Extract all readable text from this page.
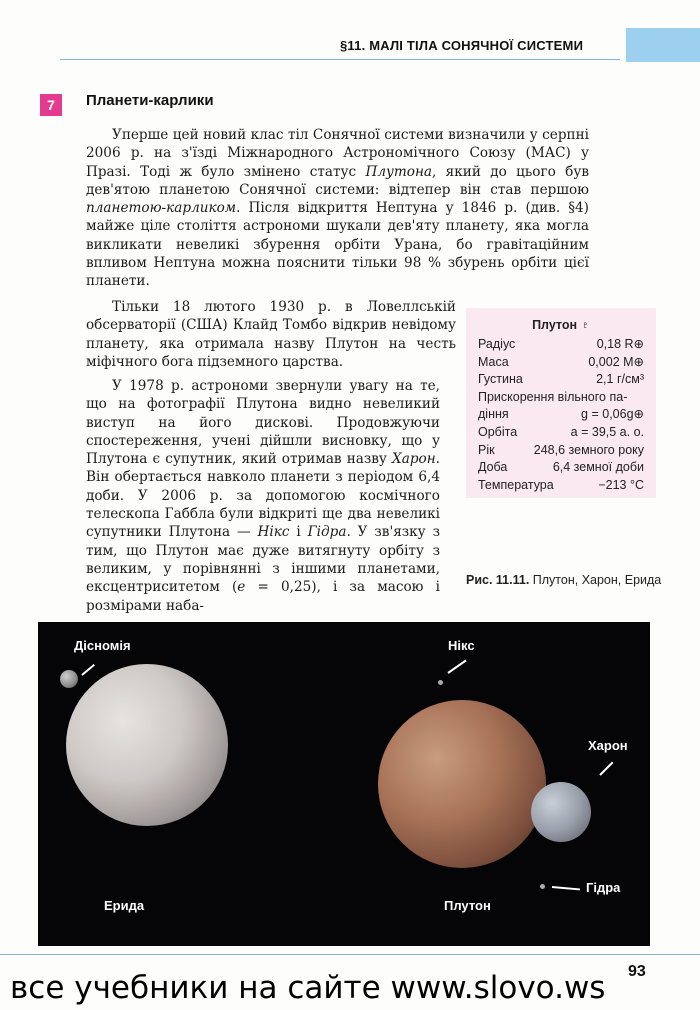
§11. МАЛІ ТІЛА СОНЯЧНОЇ СИСТЕМИ
7	Планети-карлики
Уперше цей новий клас тіл Сонячної системи визначили у серпні 2006 р. на з'їзді Міжнародного Астрономічного Союзу (МАС) у Празі. Тоді ж було змінено статус Плутона, який до цього був дев'ятою планетою Сонячної системи: відтепер він став першою планетою-карликом. Після відкриття Нептуна у 1846 р. (див. §4) майже ціле століття астрономи шукали дев'яту планету, яка могла викликати невеликі збурення орбіти Урана, бо гравітаційним впливом Нептуна можна пояснити тільки 98 % збурень орбіти цієї планети.
Тільки 18 лютого 1930 р. в Ловеллській обсерваторії (США) Клайд Томбо відкрив невідому планету, яка отримала назву Плутон на честь міфічного бога підземного царства.
У 1978 р. астрономи звернули увагу на те, що на фотографії Плутона видно невеликий виступ на його дискові. Продовжуючи спостереження, учені дійшли висновку, що у Плутона є супутник, який отримав назву Харон. Він обертається навколо планети з періодом 6,4 доби. У 2006 р. за допомогою космічного телескопа Габбла були відкриті ще два невеликі супутники Плутона — Нікс і Гідра. У зв'язку з тим, що Плутон має дуже витягнуту орбіту з великим, у порівнянні з іншими планетами, ексцентриситетом (e = 0,25), і за масою і розмірами наба-
Плутон ♇
Радіус	0,18 R⊕
Маса	0,002 M⊕
Густина	2,1 г/см³
Прискорення вільного па-
діння	g = 0,06g⊕
Орбіта	a = 39,5 а. о.
Рік	248,6 земного року
Доба	6,4 земної доби
Температура	−213 °C
Рис. 11.11. Плутон, Харон, Ерида
Дісномія
Ерида
Нікс
Харон
Гідра
Плутон
93
все учебники на сайте www.slovo.ws
